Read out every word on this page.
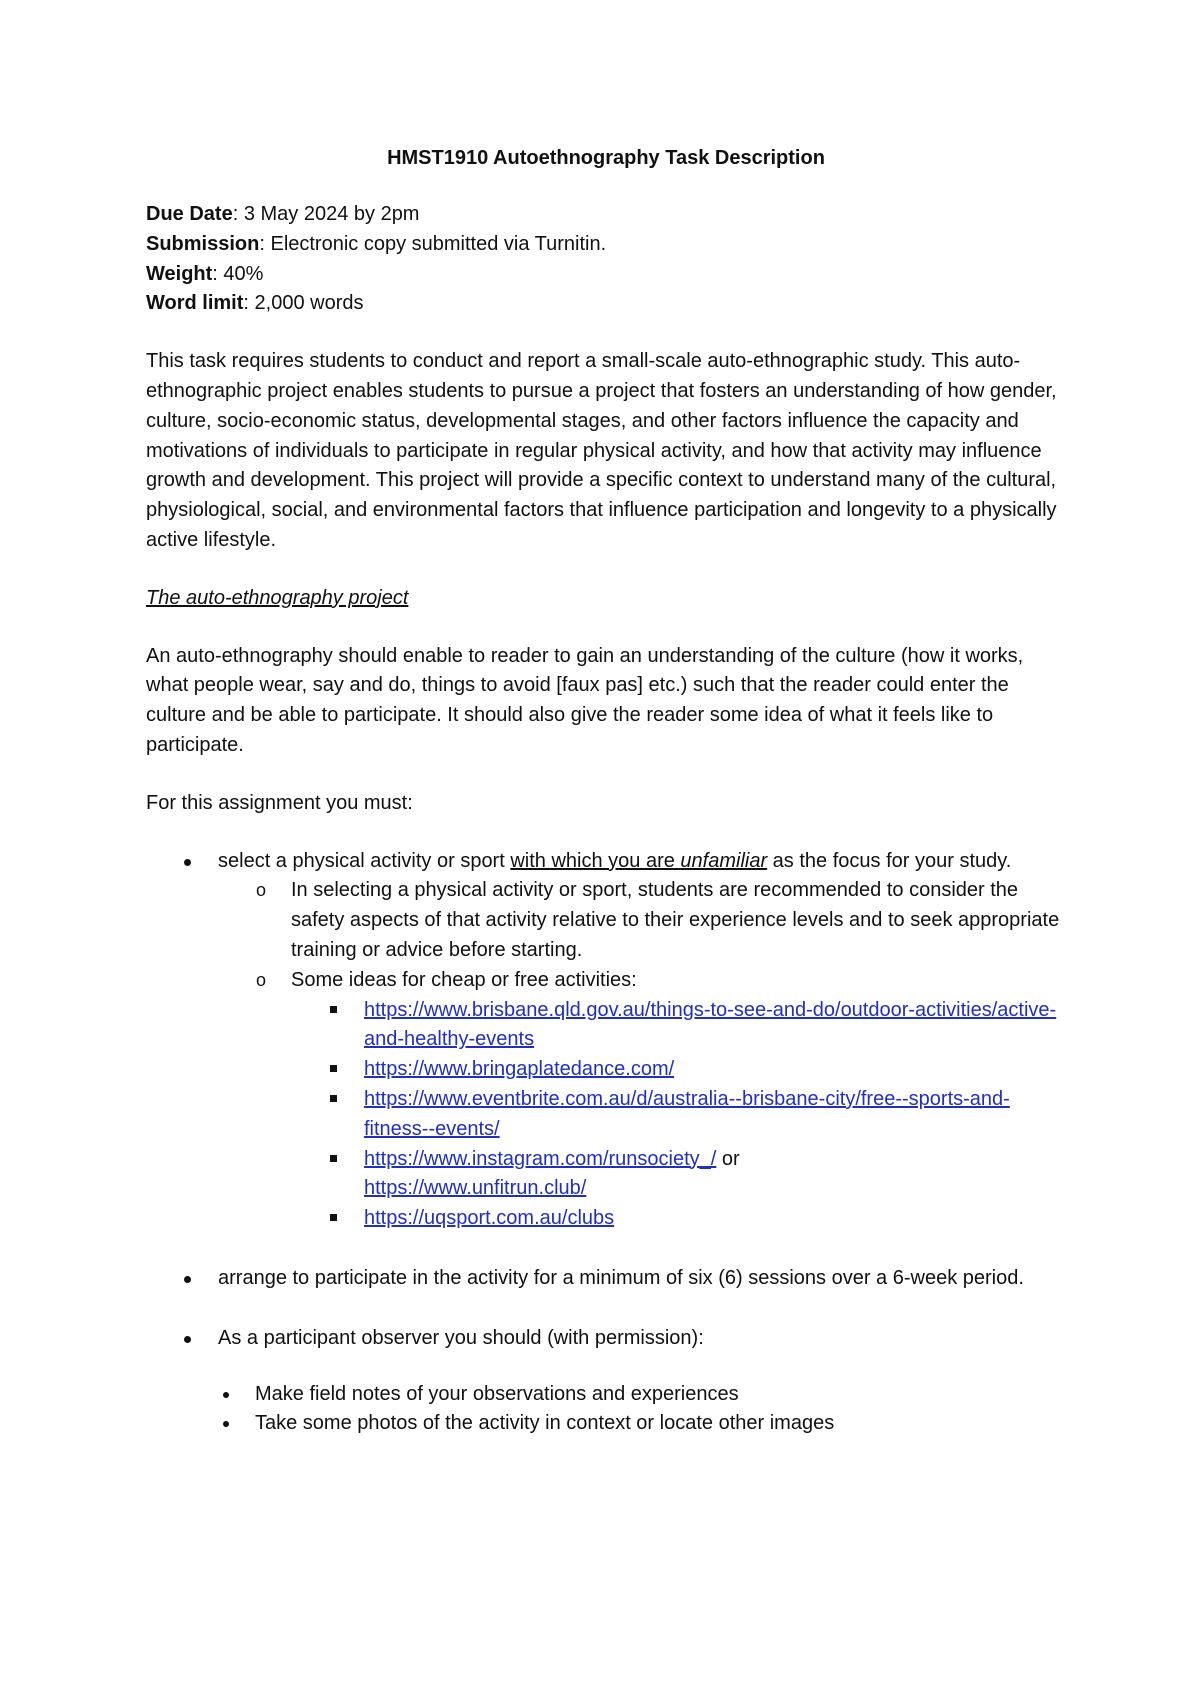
HMST1910 Autoethnography Task Description

Due Date: 3 May 2024 by 2pm

Submission: Electronic copy submitted via Turnitin.

Weight: 40%

Word limit: 2,000 words

This task requires students to conduct and report a small-scale auto-ethnographic study. This auto-ethnographic project enables students to pursue a project that fosters an understanding of how gender, culture, socio-economic status, developmental stages, and other factors influence the capacity and motivations of individuals to participate in regular physical activity, and how that activity may influence growth and development. This project will provide a specific context to understand many of the cultural, physiological, social, and environmental factors that influence participation and longevity to a physically active lifestyle.

The auto-ethnography project

An auto-ethnography should enable to reader to gain an understanding of the culture (how it works, what people wear, say and do, things to avoid [faux pas] etc.) such that the reader could enter the culture and be able to participate. It should also give the reader some idea of what it feels like to participate.

For this assignment you must:

select a physical activity or sport with which you are unfamiliar as the focus for your study.
o In selecting a physical activity or sport, students are recommended to consider the safety aspects of that activity relative to their experience levels and to seek appropriate training or advice before starting.
o Some ideas for cheap or free activities:
https://www.brisbane.qld.gov.au/things-to-see-and-do/outdoor-activities/active-and-healthy-events
https://www.bringaplatedance.com/
https://www.eventbrite.com.au/d/australia--brisbane-city/free--sports-and-fitness--events/
https://www.instagram.com/runsociety_/ or
https://www.unfitrun.club/
https://uqsport.com.au/clubs
arrange to participate in the activity for a minimum of six (6) sessions over a 6-week period.
As a participant observer you should (with permission):
Make field notes of your observations and experiences
Take some photos of the activity in context or locate other images
